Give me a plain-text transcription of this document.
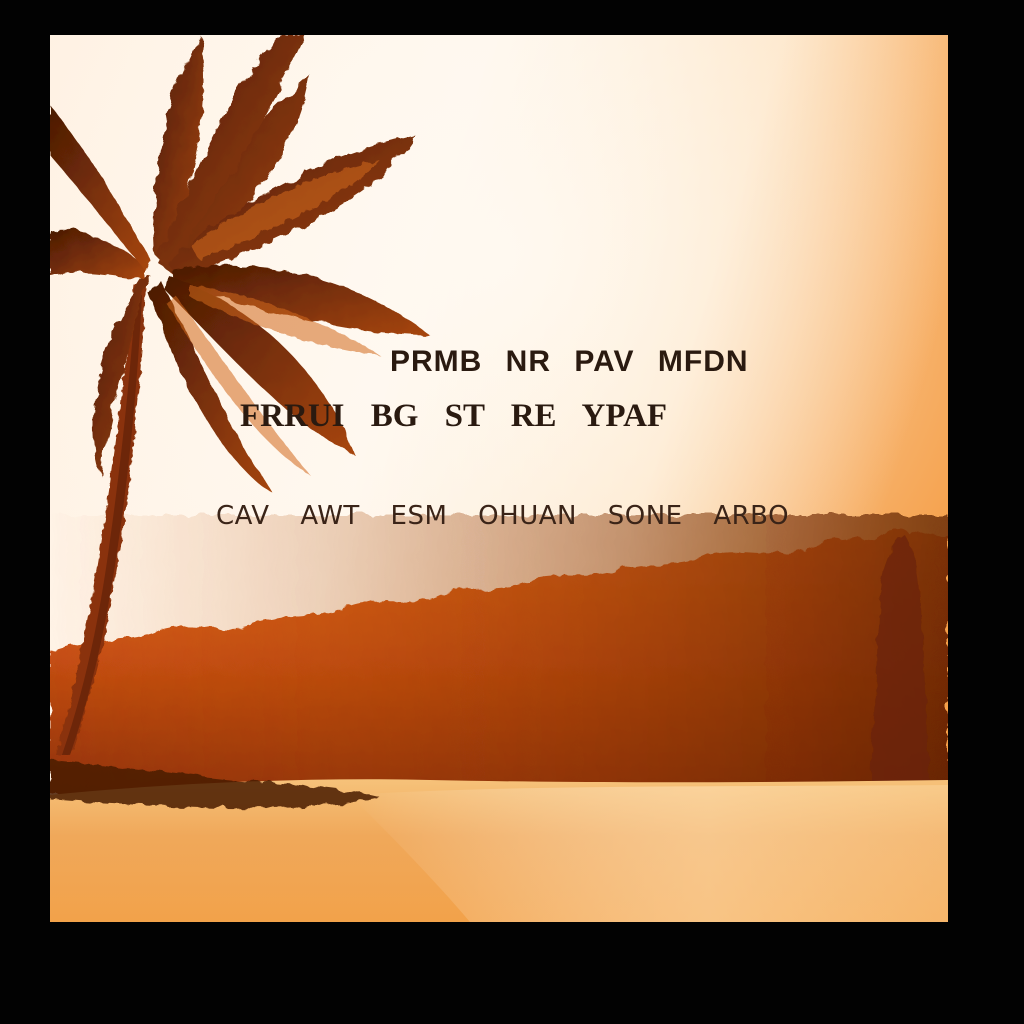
PRMB NR PAV MFDN
FRRUI BG ST RE YPAF
CAV AWT ESM OHUAN SONE ARBO
